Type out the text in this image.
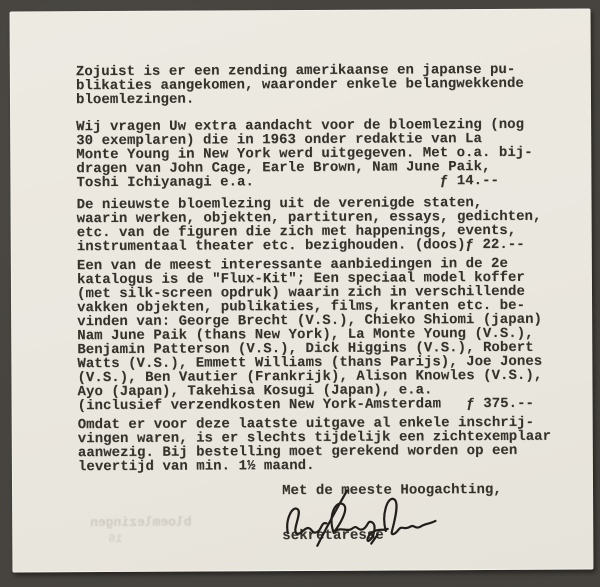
bloemlezingen
16

Zojuist is er een zending amerikaanse en japanse pu-
blikaties aangekomen, waaronder enkele belangwekkende
bloemlezingen.
Wij vragen Uw extra aandacht voor de bloemlezing (nog
30 exemplaren) die in 1963 onder redaktie van La
Monte Young in New York werd uitgegeven. Met o.a. bij-
dragen van John Cage, Earle Brown, Nam June Paik,
Toshi Ichiyanagi e.a.                      ƒ 14.--
De nieuwste bloemlezing uit de verenigde staten,
waarin werken, objekten, partituren, essays, gedichten,
etc. van de figuren die zich met happenings, events,
instrumentaal theater etc. bezighouden. (doos)ƒ 22.--
Een van de meest interessante aanbiedingen in de 2e
katalogus is de "Flux-Kit"; Een speciaal model koffer
(met silk-screen opdruk) waarin zich in verschillende
vakken objekten, publikaties, films, kranten etc. be-
vinden van: George Brecht (V.S.), Chieko Shiomi (japan)
Nam June Paik (thans New York), La Monte Young (V.S.),
Benjamin Patterson (V.S.), Dick Higgins (V.S.), Robert
Watts (V.S.), Emmett Williams (thans Parijs), Joe Jones
(V.S.), Ben Vautier (Frankrijk), Alison Knowles (V.S.),
Ayo (Japan), Takehisa Kosugi (Japan), e.a.
(inclusief verzendkosten New York-Amsterdam   ƒ 375.--
Omdat er voor deze laatste uitgave al enkele inschrij-
vingen waren, is er slechts tijdelijk een zichtexemplaar
aanwezig. Bij bestelling moet gerekend worden op een
levertijd van min. 1½ maand.
Met de meeste Hoogachting,
sekretaresse
